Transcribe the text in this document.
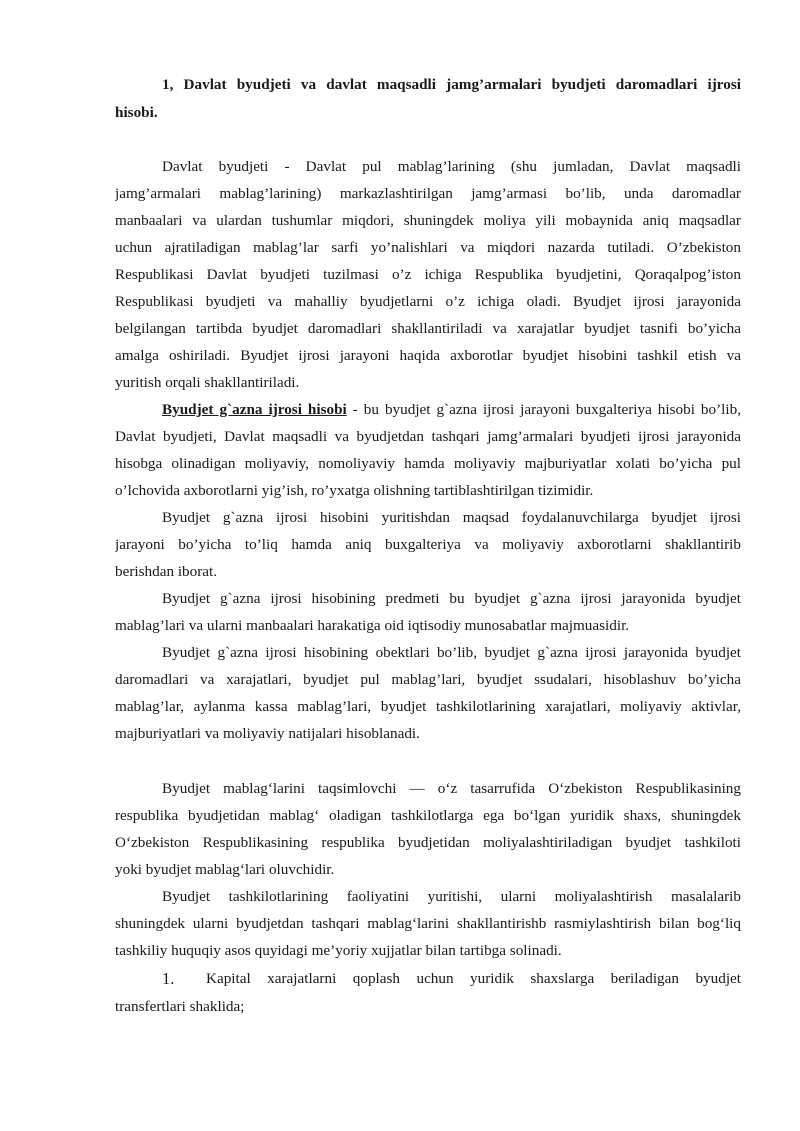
1, Davlat byudjeti va davlat maqsadli jamg’armalari byudjeti daromadlari ijrosi
hisobi.
Davlat byudjeti - Davlat pul mablag’larining (shu jumladan, Davlat maqsadli
jamg’armalari mablag’larining) markazlashtirilgan jamg’armasi bo’lib, unda daromadlar
manbaalari va ulardan tushumlar miqdori, shuningdek moliya yili mobaynida aniq maqsadlar
uchun ajratiladigan mablag’lar sarfi yo’nalishlari va miqdori nazarda tutiladi. O’zbekiston
Respublikasi Davlat byudjeti tuzilmasi o’z ichiga Respublika byudjetini, Qoraqalpog’iston
Respublikasi byudjeti va mahalliy byudjetlarni o’z ichiga oladi. Byudjet ijrosi jarayonida
belgilangan tartibda byudjet daromadlari shakllantiriladi va xarajatlar byudjet tasnifi bo’yicha
amalga oshiriladi. Byudjet ijrosi jarayoni haqida axborotlar byudjet hisobini tashkil etish va
yuritish orqali shakllantiriladi.
Byudjet g`azna ijrosi hisobi - bu byudjet g`azna ijrosi jarayoni buxgalteriya hisobi bo’lib,
Davlat byudjeti, Davlat maqsadli va byudjetdan tashqari jamg’armalari byudjeti ijrosi jarayonida
hisobga olinadigan moliyaviy, nomoliyaviy hamda moliyaviy majburiyatlar xolati bo’yicha pul
o’lchovida axborotlarni yig’ish, ro’yxatga olishning tartiblashtirilgan tizimidir.
Byudjet g`azna ijrosi hisobini yuritishdan maqsad foydalanuvchilarga byudjet ijrosi
jarayoni bo’yicha to’liq hamda aniq buxgalteriya va moliyaviy axborotlarni shakllantirib
berishdan iborat.
Byudjet g`azna ijrosi hisobining predmeti bu byudjet g`azna ijrosi jarayonida byudjet
mablag’lari va ularni manbaalari harakatiga oid iqtisodiy munosabatlar majmuasidir.
Byudjet g`azna ijrosi hisobining obektlari bo’lib, byudjet g`azna ijrosi jarayonida byudjet
daromadlari va xarajatlari, byudjet pul mablag’lari, byudjet ssudalari, hisoblashuv bo’yicha
mablag’lar, aylanma kassa mablag’lari, byudjet tashkilotlarining xarajatlari, moliyaviy aktivlar,
majburiyatlari va moliyaviy natijalari hisoblanadi.
Byudjet mablag‘larini taqsimlovchi — o‘z tasarrufida O‘zbekiston Respublikasining
respublika byudjetidan mablag‘ oladigan tashkilotlarga ega bo‘lgan yuridik shaxs, shuningdek
O‘zbekiston Respublikasining respublika byudjetidan moliyalashtiriladigan byudjet tashkiloti
yoki byudjet mablag‘lari oluvchidir.
Byudjet tashkilotlarining faoliyatini yuritishi, ularni moliyalashtirish masalalarib
shuningdek ularni byudjetdan tashqari mablag‘larini shakllantirishb rasmiylashtirish bilan bog‘liq
tashkiliy huquqiy asos quyidagi me’yoriy xujjatlar bilan tartibga solinadi.
1. Kapital xarajatlarni qoplash uchun yuridik shaxslarga beriladigan byudjet
transfertlari shaklida;
